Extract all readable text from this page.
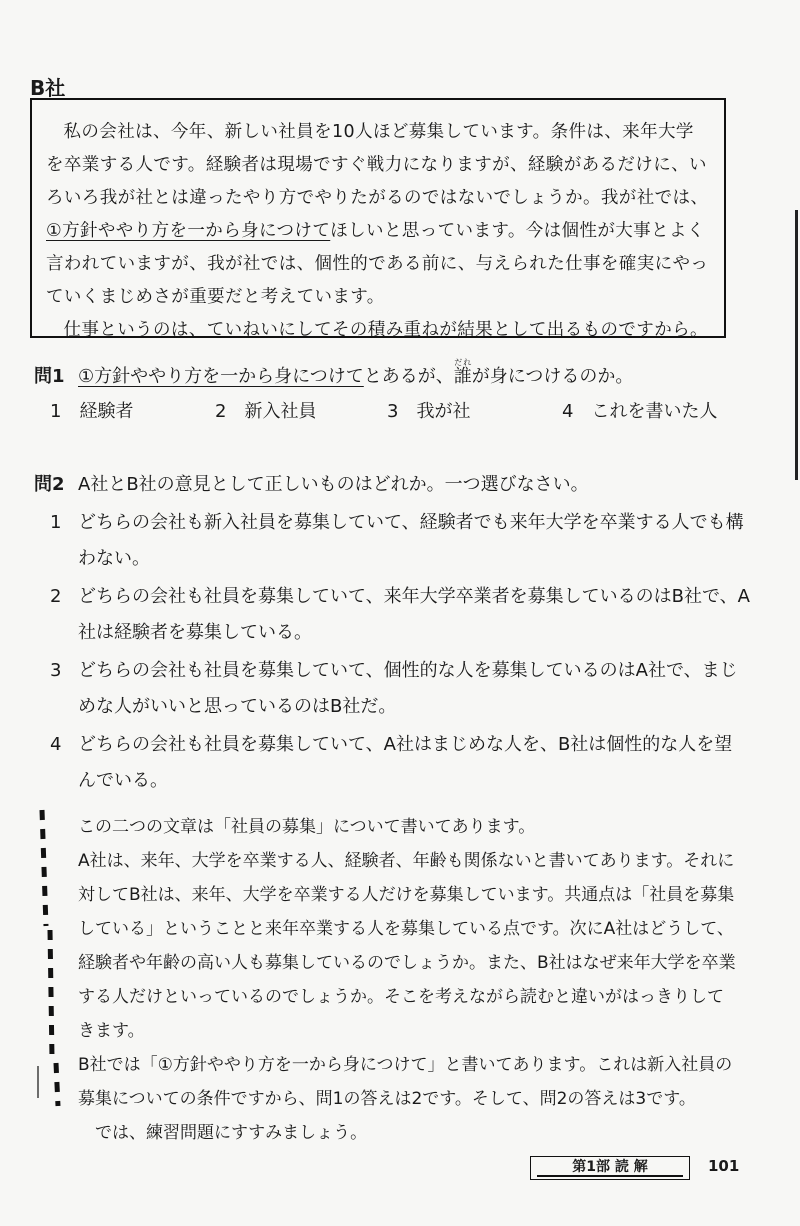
B社

私の会社は、今年、新しい社員を10人ほど募集しています。条件は、来年大学を卒業する人です。経験者は現場ですぐ戦力になりますが、経験があるだけに、いろいろ我が社とは違ったやり方でやりたがるのではないでしょうか。我が社では、①方針ややり方を一から身につけてほしいと思っています。今は個性が大事とよく言われていますが、我が社では、個性的である前に、与えられた仕事を確実にやっていくまじめさが重要だと考えています。

仕事というのは、ていねいにしてその積み重ねが結果として出るものですから。

問1 ①方針ややり方を一から身につけてとあるが、誰だれが身につけるのか。
1　 経験者	2　 新入社員	3　 我が社	4　 これを書いた人
問2 A社とB社の意見として正しいものはどれか。一つ選びなさい。
1 どちらの会社も新入社員を募集していて、経験者でも来年大学を卒業する人でも構わない。
2 どちらの会社も社員を募集していて、来年大学卒業者を募集しているのはB社で、A社は経験者を募集している。
3 どちらの会社も社員を募集していて、個性的な人を募集しているのはA社で、まじめな人がいいと思っているのはB社だ。
4 どちらの会社も社員を募集していて、A社はまじめな人を、B社は個性的な人を望んでいる。

この二つの文章は「社員の募集」について書いてあります。

A社は、来年、大学を卒業する人、経験者、年齢も関係ないと書いてあります。それに対してB社は、来年、大学を卒業する人だけを募集しています。共通点は「社員を募集している」ということと来年卒業する人を募集している点です。次にA社はどうして、経験者や年齢の高い人も募集しているのでしょうか。また、B社はなぜ来年大学を卒業する人だけといっているのでしょうか。そこを考えながら読むと違いがはっきりしてきます。

B社では「①方針ややり方を一から身につけて」と書いてあります。これは新入社員の募集についての条件ですから、問1の答えは2です。そして、問2の答えは3です。

では、練習問題にすすみましょう。

第1部 読 解	101
